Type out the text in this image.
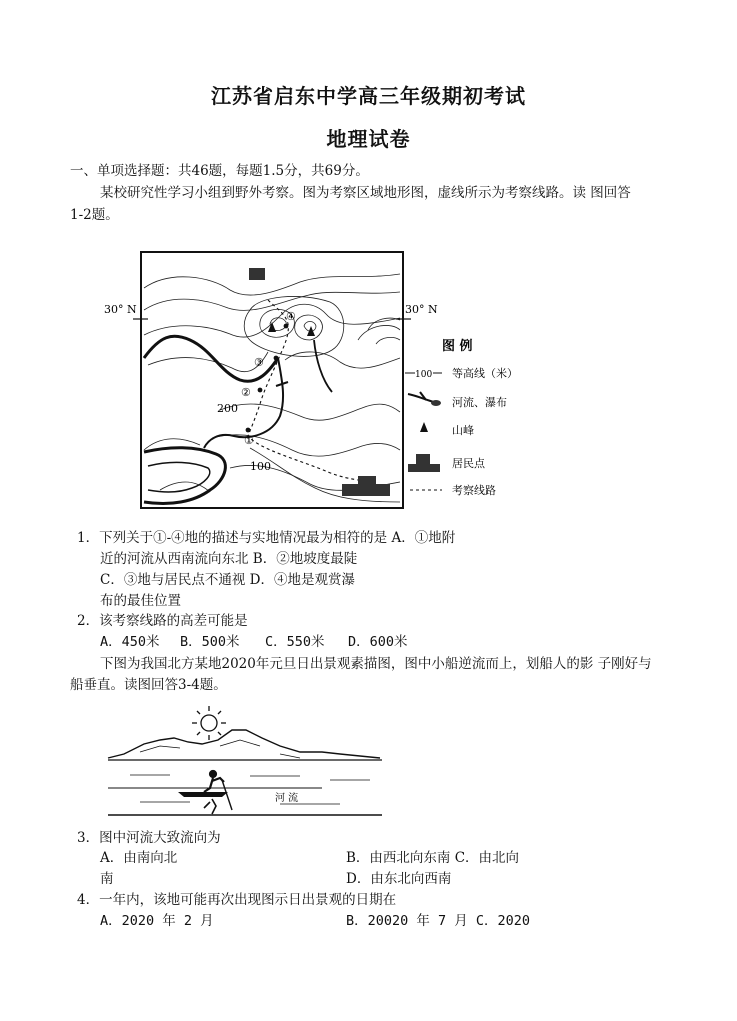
江苏省启东中学高三年级期初考试
地理试卷
一、单项选择题：共46题，每题1.5分，共69分。
某校研究性学习小组到野外考察。图为考察区域地形图，虚线所示为考察线路。读 图回答
1-2题。
30° N	30° N
④
③
②
①
200
100
图 例
100 等高线（米）
河流、瀑布
山峰
居民点
考察线路
1．下列关于①-④地的描述与实地情况最为相符的是 A．①地附
近的河流从西南流向东北 B．②地坡度最陡
C．③地与居民点不通视 D．④地是观赏瀑
布的最佳位置
2．该考察线路的高差可能是
A．450米 B．500米 C．550米 D．600米
下图为我国北方某地2020年元旦日出景观素描图，图中小船逆流而上，划船人的影 子刚好与
船垂直。读图回答3-4题。
河 流
3．图中河流大致流向为
A．由南向北	B．由西北向东南 C．由北向
南	D．由东北向西南
4．一年内，该地可能再次出现图示日出景观的日期在
A．2020 年 2 月	B．20020 年 7 月 C．2020
